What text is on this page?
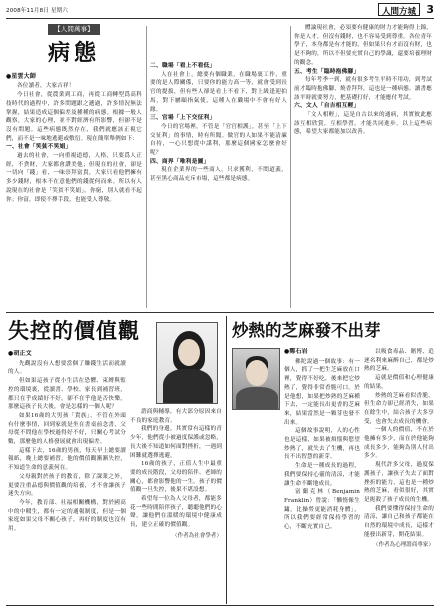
2008年11月8日 星期六	人間方城 3
【人間萬事】
病態
●星雲大師

各位讀者，大家吉祥！

今日社會，從農業到工商，再從工商轉型爲高科技時代的過程中，許多問題跟之遞過，許多情況無法掌握，結果造成這個偏差及種種的病態。根據一般人觀察，大家的心理，並不對經濟有所影響，但卻不是沒有問題。這些病態既然存在，我們就應該正視它們，而不是一味地逃避或敷衍。現在簡單舉例如下：

一、社會「笑貧不笑娼」

過去的社會，一向重視道德，人格，只要爲人正經，不貪財，大家都會讚美他；但現在的社會，卻是一切向「錢」看，一味崇拜富貴，大家只看他們擁有多少錢財，根本不在意他們的錢從何而來。所以有人說現在的社會是「笑貧不笑娼」，你窮，別人就看不起你；你富，即使不擇手段，也能受人尊敬。

二、職場「看上不看低」

人在社會上，總要有個職業，在職場裏工作，重要的是人際關係，只要你的能力高一等，就會受到長官的提拔，但有些人卻是看上不看下，對上級逢迎拍馬，對下屬頤指氣使，這種人在職場中不會有好人緣。

三、官場「上下交征利」

今日的官場裡，不管是「官官相護」，甚至「上下交征利」的事情，時有所聞。做官的人如果不能清廉自持，一心只想從中謀利，那麼這個國家怎麼會好呢？

四、商界「唯利是圖」

現在企業界的一些商人，只求獲利，不問道義，甚至黑心商品充斥市場，這些都是病態。

體論現社會，必須要有健康的財力才能夠得上錦，你是人才，但沒有錢財，也不容易受到尊重。各位青年學子，本身都是有才能的，但如果只有才而沒有財，也是不夠的，所以不但要充實自己的學識，還要培養理財的觀念。

五、考生「臨時抱佛腳」

每年考季一到，就有很多考生平時不用功，到考試前才臨時抱佛腳，燒香拜拜，這也是一種病態。讀書應該平時就要努力，把基礎打好，才能應付考試。

六、文人「自吉相互輕」

「文人相輕」，這是自古以來的通病，其實彼此應該互相欣賞，互相學習，才能共同進步。以上這些病態，希望大家都能加以改善。

失控的價值觀
●胡正文

先觀說沒有人想要當個了賺錢生活而就讀的人。

但如果這孩子從小生活在恐懼、束縛與監控的環境裏，從讀書、學校、家長到補習班，都只在乎成績好不好，卻不在乎他是否快樂，那麼這孩子長大後，會是怎樣的一個人呢？

如果16歲的大男孩「貴族」，不管在外頭有什麼事情，回到家就是坐在書桌前念書，父母從不問他在學校過得好不好，只關心考試分數，那麼他的人格發展就會出現偏差。

這樣下去，16歲的男孩，每天早上總要讀報紙，晚上總要補習，他的價值觀漸漸失控，不知道生命的意義何在。

父母親對於孩子的教育，除了課業之外，更要注重品德與價值觀的培養，才不會讓孩子迷失方向。

今年，教育部、社福相關機構，對於國高中的中輟生，都有一定的通報制度，但是一個家庭如果父母不關心孩子，再好的制度也沒有用。

諮商與輔導，有大部分原因來自不良的家庭教育。

我們的身邊，其實常有這樣的青少年，他們從小被過度保護或忽略，長大後不知道如何面對挫折，一遇到困難就選擇逃避。

16歲的孩子，正值人生中最重要的成長階段，父母的陪伴、老師的關心，都會影響他的一生。孩子的價值觀一旦失控，後果不堪設想。

希望每一位為人父母者，都能多花一些時間陪伴孩子，聽聽他們的心聲，讓他們在溫暖的環境中健康成長，建立正確的價值觀。

（作者為社會學者）
炒熱的芝麻發不出芽
●鄭石岩

佛陀說過一個故事：有一個人，抓了一把生芝麻放在口裡，覺得不好吃，後來把它炒熱了，覺得非常香脆可口。於是他想，如果把炒熟的芝麻種下去，一定能長出更香的芝麻來，結果當然是一顆芽也發不出來。

這個故事說明，人的心性也是這樣，如果被煩惱與慾望炒熱了，就失去了生機，再也長不出智慧的新芽。

生命是一種成長的過程，我們要保持心靈的清涼，才能讓生命不斷地成長。

富蘭克林（Benjamin Franklin）曾說：「懶惰像生鏽，比操勞更能消耗身體」，所以我們要經常保持學習的心，不斷充實自己。

以吸食毒品、賭博、追逐名利來麻醉自己，都是炒熱的芝麻。

這就是價值和心理健康的結果。

炒熱的芝麻看似香脆，但生命力卻已經消失，如果在餘生中，結合孩子大多享受，也會失去成長的機會。

一個人的價值，不在於他擁有多少，而在於他能夠成長多少，能夠為別人付出多少。

現代許多父母，過度保護孩子，讓孩子失去了面對挫折的能力，這也是一種炒熱的芝麻，看似很好，其實是扼殺了孩子成長的生機。

我們要懂得保持生命的清涼，讓自己和孩子都能在自然的環境中成長，這樣才能發出新芽，開花結果。

（作者為心理諮商專家）
